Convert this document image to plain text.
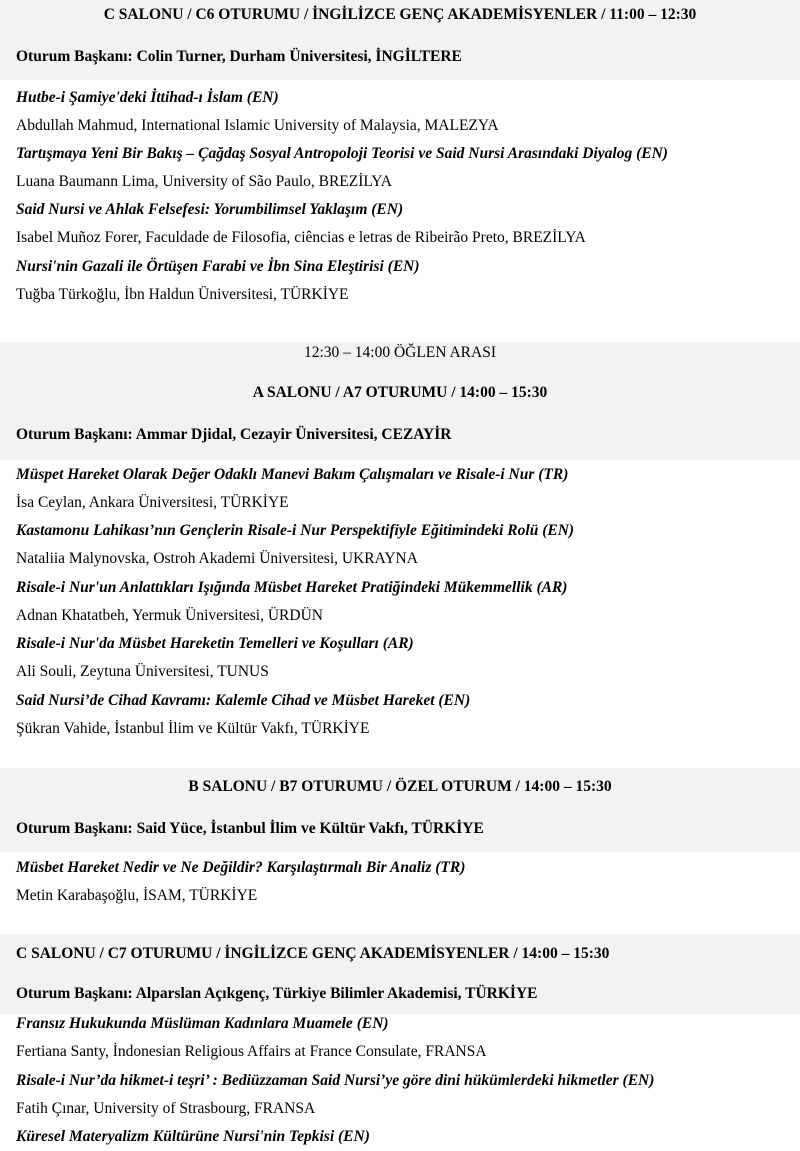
C SALONU / C6 OTURUMU / İNGİLİZCE GENÇ AKADEMİSYENLER / 11:00 – 12:30
Oturum Başkanı: Colin Turner, Durham Üniversitesi, İNGİLTERE
Hutbe-i Şamiye'deki İttihad-ı İslam (EN)
Abdullah Mahmud, International Islamic University of Malaysia, MALEZYA
Tartışmaya Yeni Bir Bakış – Çağdaş Sosyal Antropoloji Teorisi ve Said Nursi Arasındaki Diyalog (EN)
Luana Baumann Lima, University of São Paulo, BREZİLYA
Said Nursi ve Ahlak Felsefesi: Yorumbilimsel Yaklaşım (EN)
Isabel Muñoz Forer, Faculdade de Filosofia, ciências e letras de Ribeirão Preto, BREZİLYA
Nursi'nin Gazali ile Örtüşen Farabi ve İbn Sina Eleştirisi (EN)
Tuğba Türkoğlu, İbn Haldun Üniversitesi, TÜRKİYE
12:30 – 14:00 ÖĞLEN ARASI
A SALONU / A7 OTURUMU / 14:00 – 15:30
Oturum Başkanı: Ammar Djidal, Cezayir Üniversitesi, CEZAYİR
Müspet Hareket Olarak Değer Odaklı Manevi Bakım Çalışmaları ve Risale-i Nur (TR)
İsa Ceylan, Ankara Üniversitesi, TÜRKİYE
Kastamonu Lahikası’nın Gençlerin Risale-i Nur Perspektifiyle Eğitimindeki Rolü (EN)
Nataliia Malynovska, Ostroh Akademi Üniversitesi, UKRAYNA
Risale-i Nur'un Anlattıkları Işığında Müsbet Hareket Pratiğindeki Mükemmellik (AR)
Adnan Khatatbeh, Yermuk Üniversitesi, ÜRDÜN
Risale-i Nur'da Müsbet Hareketin Temelleri ve Koşulları (AR)
Ali Souli, Zeytuna Üniversitesi, TUNUS
Said Nursi’de Cihad Kavramı: Kalemle Cihad ve Müsbet Hareket (EN)
Şükran Vahide, İstanbul İlim ve Kültür Vakfı, TÜRKİYE
B SALONU / B7 OTURUMU / ÖZEL OTURUM / 14:00 – 15:30
Oturum Başkanı: Said Yüce, İstanbul İlim ve Kültür Vakfı, TÜRKİYE
Müsbet Hareket Nedir ve Ne Değildir? Karşılaştırmalı Bir Analiz (TR)
Metin Karabaşoğlu, İSAM, TÜRKİYE
C SALONU / C7 OTURUMU / İNGİLİZCE GENÇ AKADEMİSYENLER / 14:00 – 15:30
Oturum Başkanı: Alparslan Açıkgenç, Türkiye Bilimler Akademisi, TÜRKİYE
Fransız Hukukunda Müslüman Kadınlara Muamele (EN)
Fertiana Santy, İndonesian Religious Affairs at France Consulate, FRANSA
Risale-i Nur’da hikmet-i teşri’ : Bediüzzaman Said Nursi’ye göre dini hükümlerdeki hikmetler (EN)
Fatih Çınar, University of Strasbourg, FRANSA
Küresel Materyalizm Kültürüne Nursi'nin Tepkisi (EN)
